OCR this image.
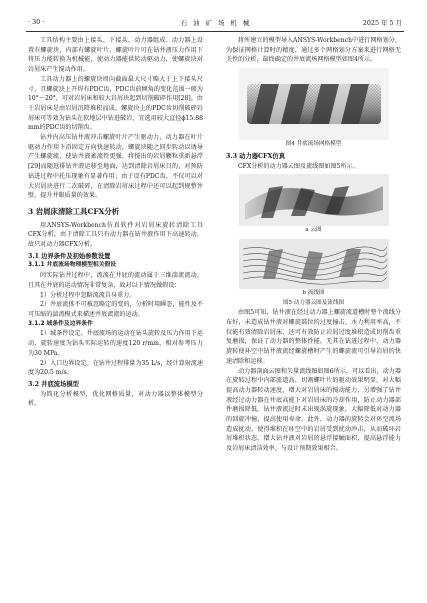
· 30 ·	石 油 矿 场 机 械	2025 年 5 月

工具结构主要由上接头、下接头、动力器组成。动力器上设置有螺旋块，内部有螺旋叶片，螺旋叶片可在钻井液压力作用下将压力能转换为机械能，使动力器能供转动驱动力，使螺旋块对岩屑床产生搅动作用。

工具动力器上的螺旋块周向截面最大尺寸略大于上下接头尺寸，且螺旋块上开焊有PDC齿，PDC齿前倾角的变化范围一般为10°～20°，可对岩屑床和较大岩屑块起到切削破碎作用[28]。由于岩屑床是由岩屑沉降堆积而成，螺旋块上的PDC齿切削破碎岩屑床可等效为钻头在软地层中钻进破岩，宜选用较大直径ϕ15.88 mm的PDC齿的切削齿。

钻井内高压钻井液冲击螺旋叶片产生驱动力，动力器在叶片驱动力作用下沿固定方向快速转动，螺旋块随之同步转动以诱导产生螺旋流，使钻井液紊流性更强，将搅出的岩屑颗粒重新悬浮[29]而随返排钻井液运移至地面，达到清除岩屑床目的，对预防钻进过程中托压现象有显著作用；由于设有PDC齿，不仅可以对大岩屑块进行二次破碎，在清除岩屑床过程中还可以起到规整井壁，提升井眼质量的效果。

3 岩屑床清除工具CFX分析

用ANSYS-Workbench仿真软件对岩屑床旋转清除工具CFX分析。由于清除工具只有动力器在钻井液作用下高速转动，故只对动力器CFX分析。

3.1 边界条件及初始参数设置

3.1.1 井底流场物理模型相关假设

因实际钻井过程中，流流在井底的流动属于三维湍流流动，且其在井底的运动情况非常复杂，故对以下情况做假设：

1）分析过程中忽略流流自身重力。

2）井底流体不可被忽略定的变的，分析时用瞬态，能性及不可压缩的湍流模式来描述井底流流的运动。

3.1.2 域条件及边界条件

1）域条件设定。井底流场的运动在钻头旋转及压力作用下运动，旋转速度为钻头实际运转的速度120 r/min，相对参考压力为30 MPa。

2）入口边界设定。在钻井过程排量为35 L/s，经计算射流速度为20.5 m/s。

3.2 井底流场模型

为简化分析模型，优化网格质量，对动力器以整体模型分析。

将所建立的模型导入ANSYS-Workbench中进行网格划分，为保证网格计算时的精度，通过多个网格划分方案来进行网格无关性的分析，最终确定的井底流场网格模型如图4所示。

图4 井底流场网格模型

3.3 动力器CFX仿真

CFX分析的动力器云图及流线图如图5所示。

a 云图

b 流线图

图5 动力器云图及流线图

由图5可知，钻井液在经过动力器上螺旋流道槽时整个流线分布好，未造成钻井液对螺旋部位的过度撞击，水力利用率高，不仅能有效清除岩屑床，还可有效防止岩屑过度堆积造成切削齿重复磨损，保证了动力器的整体性能。无其在钻进过程中，动力器旋转使环空中钻井液流经螺旋槽时产生的螺旋流可引导岩屑的快速清除和运移。

动力器剖面云图和矢量流线图如图6所示，可以看出，动力器在旋转过程中内部流道高，切割螺叶片的驱动效果明显，对大幅提高动力器转动速度，增大对岩屑床的搅动能力，另增强了钻井液经过动力器在井底高能下对岩屑床的冷却作用，防止动力器部件磨损降低。钻井液流过时未出现涡旋现象，大幅降低对动力器的回旋冲撞，提高使用寿命。此外，动力器的旋转会对环空流场造成扰动，使得堆积在环空中的岩屑受到扰动冲击，从而破坏岩屑堆积状态，增大钻井液对岩屑的悬浮接触面积，提高悬浮能力及岩屑床清洁效率，与设计预期效果相合。
